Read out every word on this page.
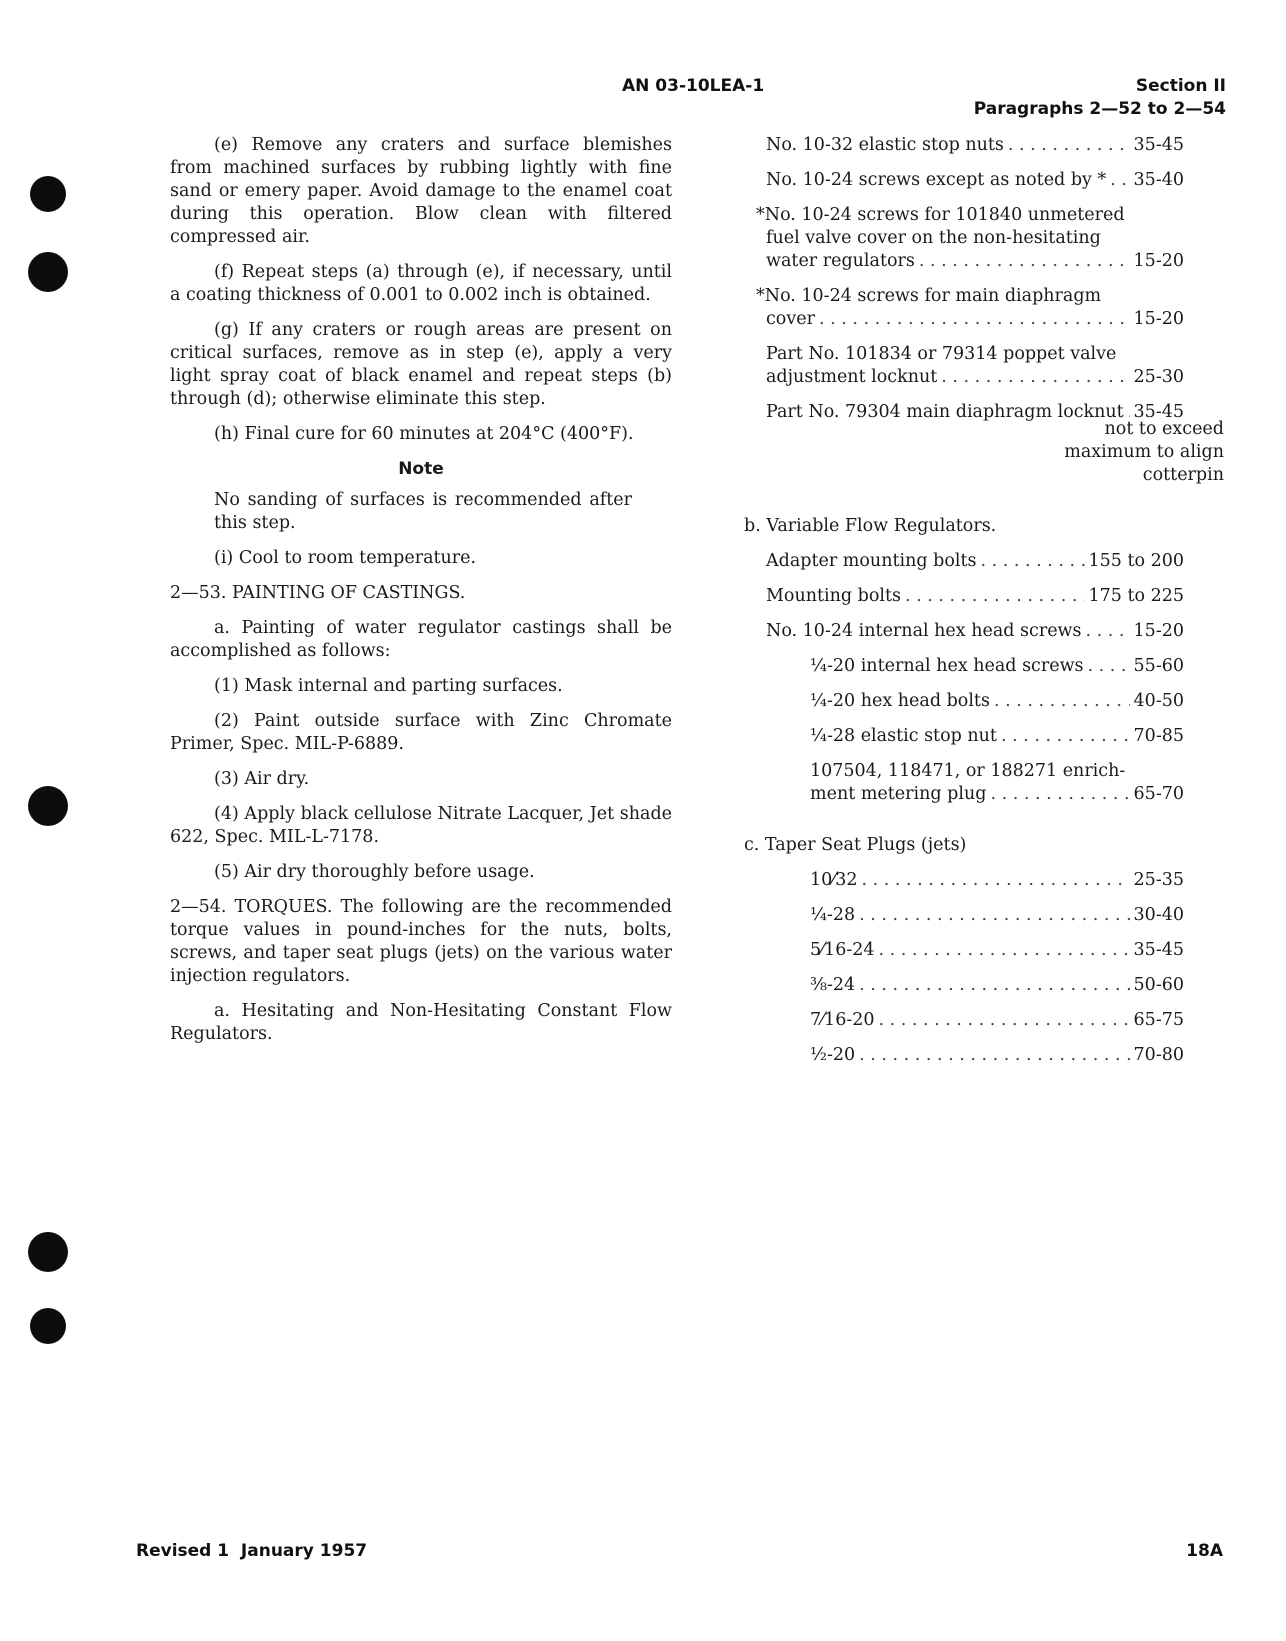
AN 03-10LEA-1	Section II
Paragraphs 2—52 to 2—54

(e) Remove any craters and surface blemishes from machined surfaces by rubbing lightly with fine sand or emery paper. Avoid damage to the enamel coat during this operation. Blow clean with filtered compressed air.

(f) Repeat steps (a) through (e), if necessary, until a coating thickness of 0.001 to 0.002 inch is obtained.

(g) If any craters or rough areas are present on critical surfaces, remove as in step (e), apply a very light spray coat of black enamel and repeat steps (b) through (d); otherwise eliminate this step.

(h) Final cure for 60 minutes at 204°C (400°F).

Note
No sanding of surfaces is recommended after this step.

(i) Cool to room temperature.

2—53. PAINTING OF CASTINGS.

a. Painting of water regulator castings shall be accomplished as follows:

(1) Mask internal and parting surfaces.

(2) Paint outside surface with Zinc Chromate Primer, Spec. MIL-P-6889.

(3) Air dry.

(4) Apply black cellulose Nitrate Lacquer, Jet shade 622, Spec. MIL-L-7178.

(5) Air dry thoroughly before usage.

2—54. TORQUES. The following are the recommended torque values in pound-inches for the nuts, bolts, screws, and taper seat plugs (jets) on the various water injection regulators.

a. Hesitating and Non-Hesitating Constant Flow Regulators.

No. 10-32 elastic stop nuts . . .	35-45
No. 10-24 screws except as noted by * . . . 35-40
*No. 10-24 screws for 101840 unmetered
fuel valve cover on the non-hesitating
water regulators . . .	15-20
*No. 10-24 screws for main diaphragm
cover . . .	15-20
Part No. 101834 or 79314 poppet valve
adjustment locknut . . .	25-30
Part No. 79304 main diaphragm locknut . . . 35-45
not to exceed
maximum to align
cotterpin
b. Variable Flow Regulators.
Adapter mounting bolts . . .	155 to 200
Mounting bolts . . .	175 to 225
No. 10-24 internal hex head screws . . .	15-20
¼-20 internal hex head screws . . .	55-60
¼-20 hex head bolts . . .	40-50
¼-28 elastic stop nut . . .	70-85
107504, 118471, or 188271 enrich-
ment metering plug . . .	65-70
c. Taper Seat Plugs (jets)
10⁄32 . . .	25-35
¼-28 . . .	30-40
5⁄16-24 . . .	35-45
⅜-24 . . .	50-60
7⁄16-20 . . .	65-75
½-20 . . .	70-80
Revised 1  January 1957	18A
